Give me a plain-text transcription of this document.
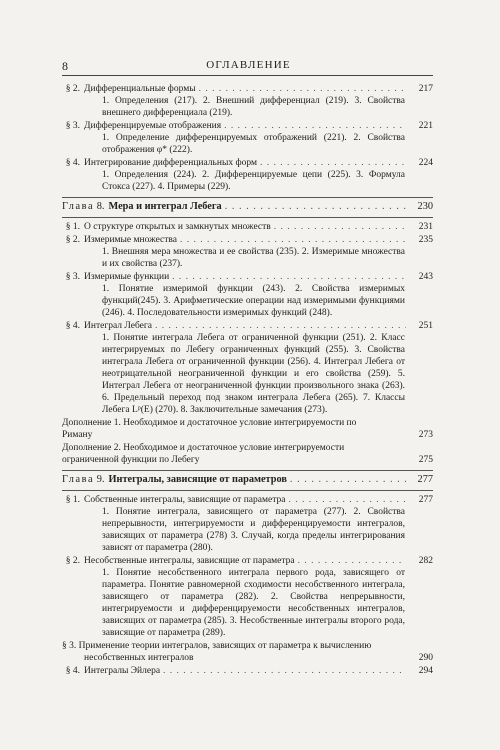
8	ОГЛАВЛЕНИЕ
§ 2. Дифференциальные формы . . .	217
1. Определения (217). 2. Внешний дифференциал (219). 3. Свойства внешнего дифференциала (219).
§ 3. Дифференцируемые отображения . . .	221
1. Определение дифференцируемых отображений (221). 2. Свойства отображения φ* (222).
§ 4. Интегрирование дифференциальных форм . . .	224
1. Определения (224). 2. Дифференцируемые цепи (225). 3. Формула Стокса (227). 4. Примеры (229).
Глава
8. Мера и интеграл Лебега . . .	230
§ 1. О структуре открытых и замкнутых множеств . . .	231
§ 2. Измеримые множества . . .	235
1. Внешняя мера множества и ее свойства (235). 2. Измеримые множества и их свойства (237).
§ 3. Измеримые функции . . .	243
1. Понятие измеримой функции (243). 2. Свойства измеримых функций(245). 3. Арифметические операции над измеримыми функциями (246). 4. Последовательности измеримых функций (248).
§ 4. Интеграл Лебега . . .	251
1. Понятие интеграла Лебега от ограниченной функции (251). 2. Класс интегрируемых по Лебегу ограниченных функций (255). 3. Свойства интеграла Лебега от ограниченной функции (256). 4. Интеграл Лебега от неотрицательной неограниченной функции и его свойства (259). 5. Интеграл Лебега от неограниченной функции произвольного знака (263). 6. Предельный переход под знаком интеграла Лебега (265). 7. Классы Лебега Lᵖ(E) (270). 8. Заключительные замечания (273).
Дополнение 1. Необходимое и достаточное условие интегрируемости по Риману	273
Дополнение 2. Необходимое и достаточное условие интегрируемости ограниченной функции по Лебегу	275
Глава
9. Интегралы, зависящие от параметров . . .	277
§ 1. Собственные интегралы, зависящие от параметра . . .	277
1. Понятие интеграла, зависящего от параметра (277). 2. Свойства непрерывности, интегрируемости и дифференцируемости интегралов, зависящих от параметра (278) 3. Случай, когда пределы интегрирования зависят от параметра (280).
§ 2. Несобственные интегралы, зависящие от параметра . . .	282
1. Понятие несобственного интеграла первого рода, зависящего от параметра. Понятие равномерной сходимости несобственного интеграла, зависящего от параметра (282). 2. Свойства непрерывности, интегрируемости и дифференцируемости несобственных интегралов, зависящих от параметра (285). 3. Несобственные интегралы второго рода, зависящие от параметра (289).
§ 3. Применение теории интегралов, зависящих от параметра к вычислению несобственных интегралов	290
§ 4. Интегралы Эйлера . . .	294
